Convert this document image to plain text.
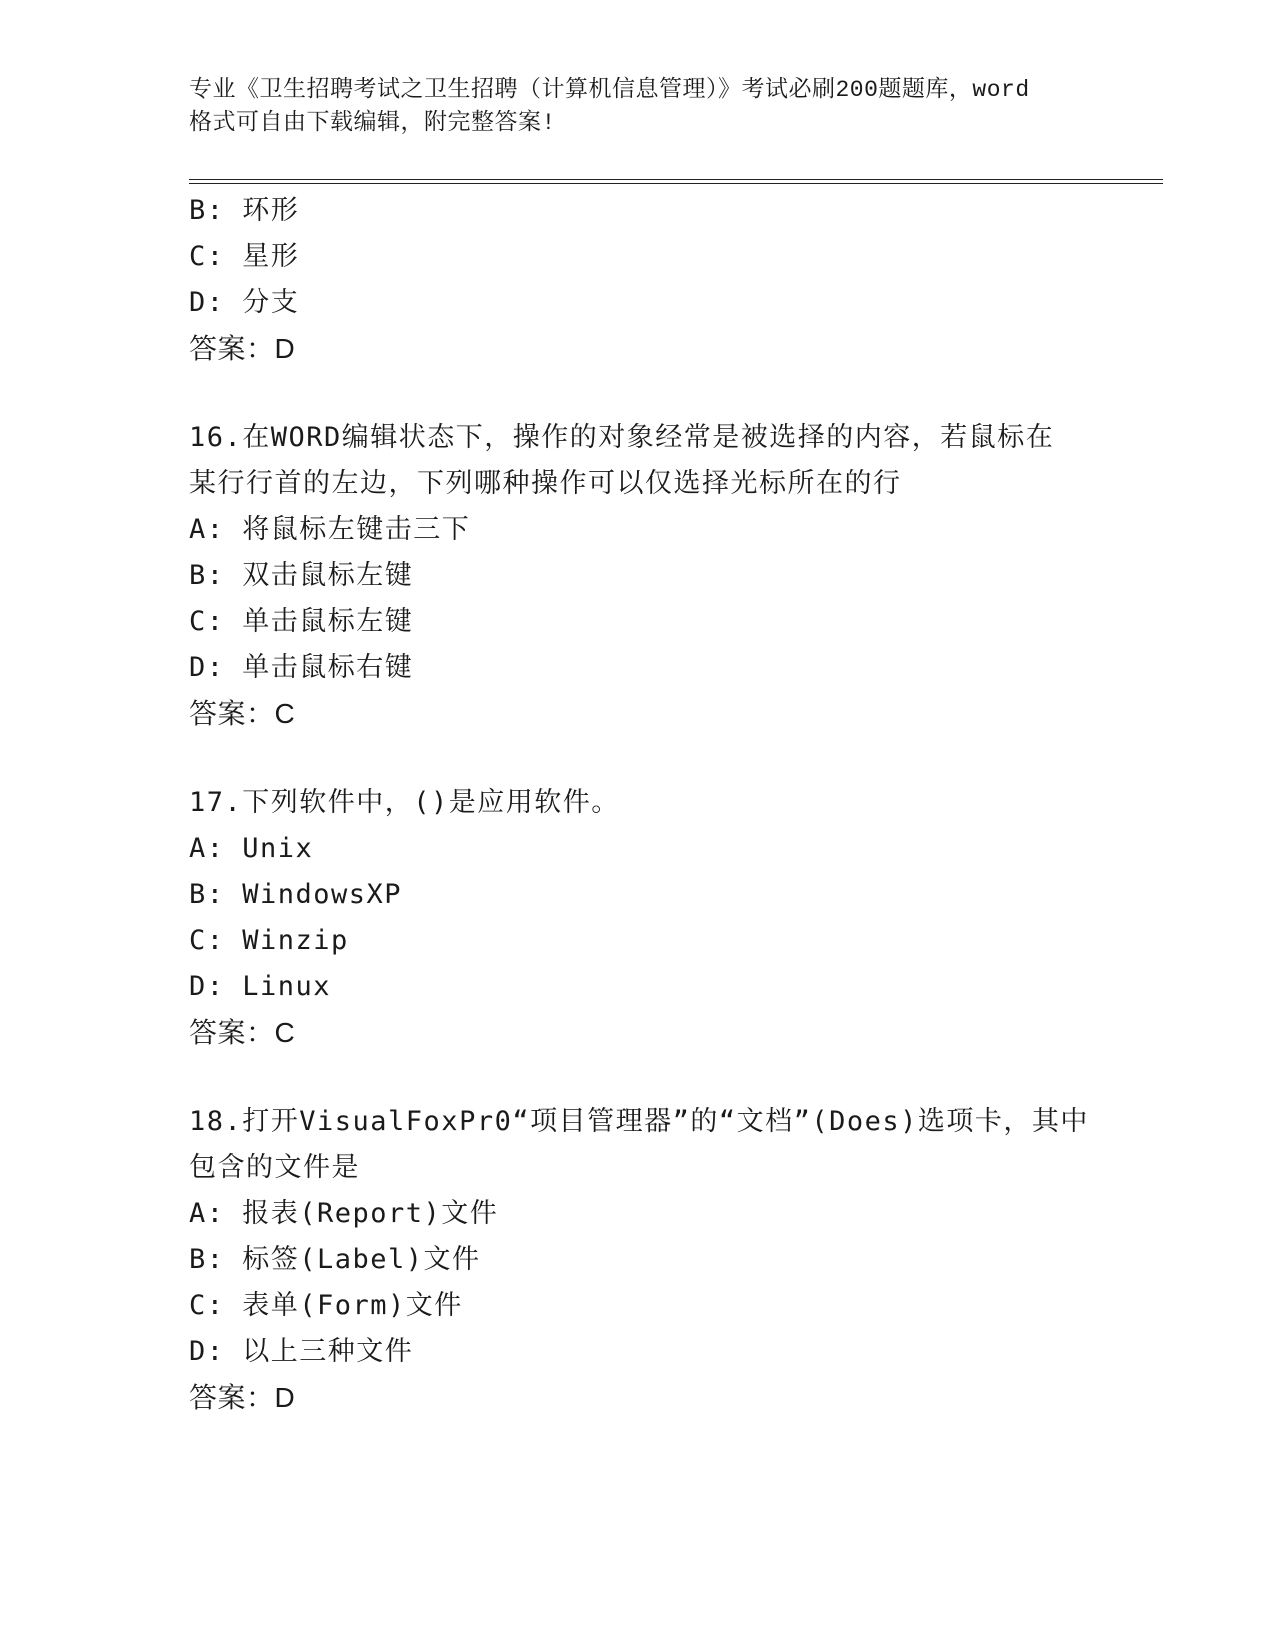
专业《卫生招聘考试之卫生招聘（计算机信息管理）》考试必刷200题题库，word
格式可自由下载编辑，附完整答案!
B: 环形
C: 星形
D: 分支
答案：D
16.在WORD编辑状态下，操作的对象经常是被选择的内容，若鼠标在
某行行首的左边，下列哪种操作可以仅选择光标所在的行
A: 将鼠标左键击三下
B: 双击鼠标左键
C: 单击鼠标左键
D: 单击鼠标右键
答案：C
17.下列软件中，()是应用软件。
A: Unix
B: WindowsXP
C: Winzip
D: Linux
答案：C
18.打开VisualFoxPr0“项目管理器”的“文档”(Does)选项卡，其中
包含的文件是
A: 报表(Report)文件
B: 标签(Label)文件
C: 表单(Form)文件
D: 以上三种文件
答案：D
